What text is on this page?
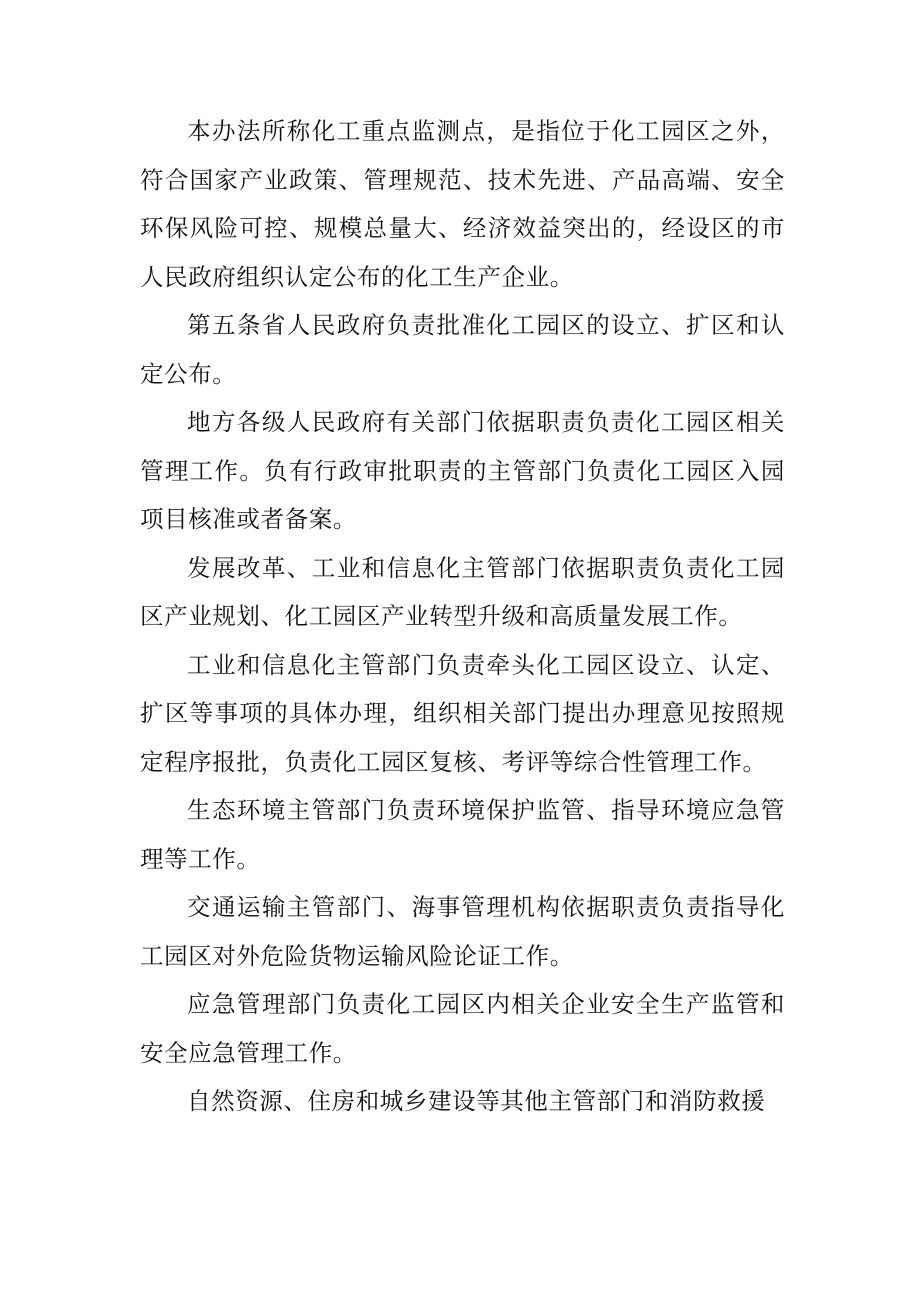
本办法所称化工重点监测点，是指位于化工园区之外，符合国家产业政策、管理规范、技术先进、产品高端、安全环保风险可控、规模总量大、经济效益突出的，经设区的市人民政府组织认定公布的化工生产企业。

第五条省人民政府负责批准化工园区的设立、扩区和认定公布。

地方各级人民政府有关部门依据职责负责化工园区相关管理工作。负有行政审批职责的主管部门负责化工园区入园项目核准或者备案。

发展改革、工业和信息化主管部门依据职责负责化工园区产业规划、化工园区产业转型升级和高质量发展工作。

工业和信息化主管部门负责牵头化工园区设立、认定、扩区等事项的具体办理，组织相关部门提出办理意见按照规定程序报批，负责化工园区复核、考评等综合性管理工作。

生态环境主管部门负责环境保护监管、指导环境应急管理等工作。

交通运输主管部门、海事管理机构依据职责负责指导化工园区对外危险货物运输风险论证工作。

应急管理部门负责化工园区内相关企业安全生产监管和安全应急管理工作。

自然资源、住房和城乡建设等其他主管部门和消防救援
